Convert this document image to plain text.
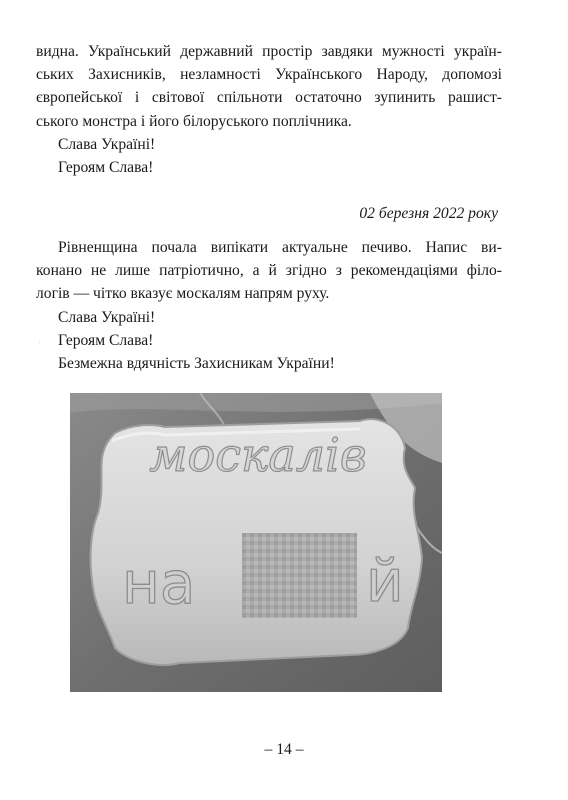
видна. Український державний простір завдяки мужності україн-
ських Захисників, незламності Українського Народу, допомозі
європейської і світової спільноти остаточно зупинить рашист-
ського монстра і його білоруського поплічника.
Слава Україні!
Героям Слава!
02 березня 2022 року
Рівненщина почала випікати актуальне печиво. Напис ви-
конано не лише патріотично, а й згідно з рекомендаціями філо-
логів — чітко вказує москалям напрям руху.
Слава Україні!
Героям Слава!
Безмежна вдячність Захисникам України!
·
москалів
на	й
– 14 –
